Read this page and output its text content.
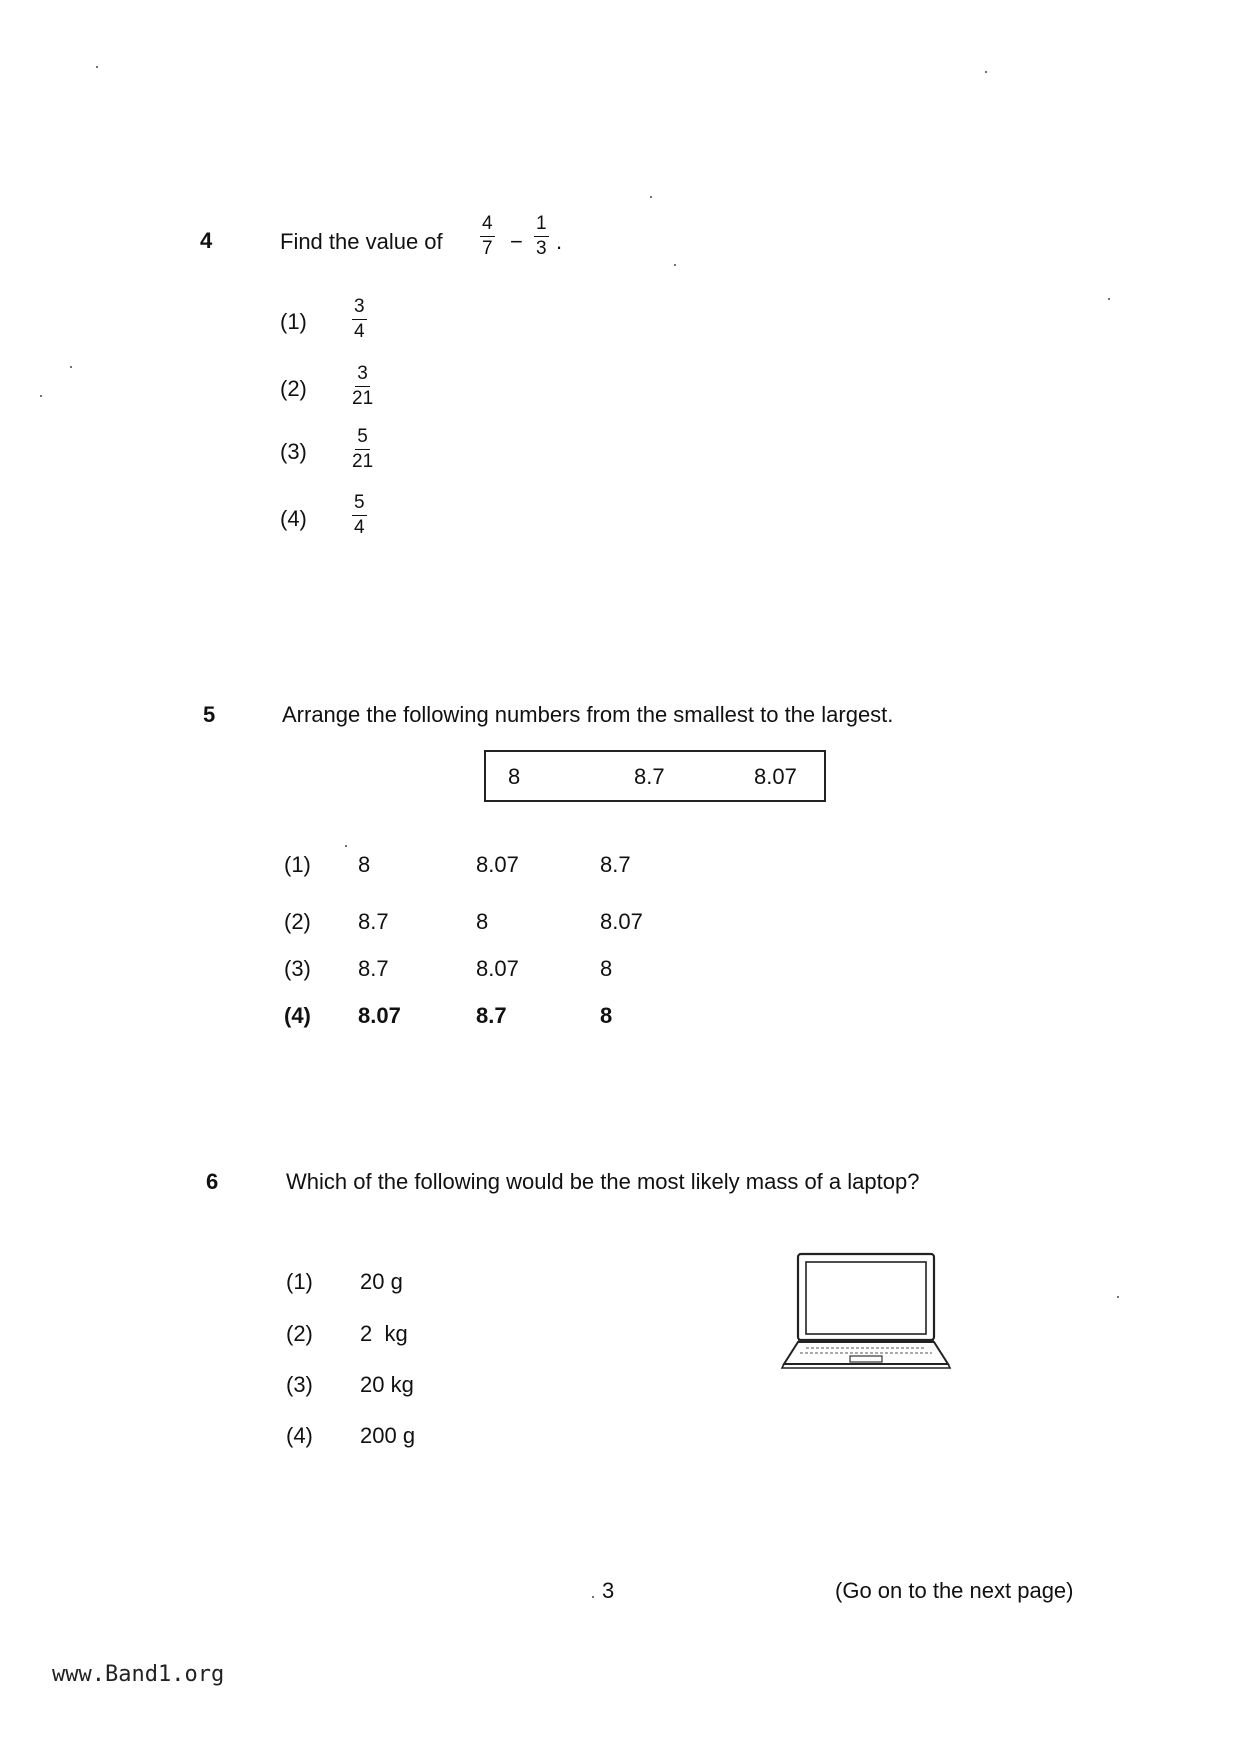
4	Find the value of $\frac{4}{7} - \frac{1}{3}$ .
$(1) \frac{3}{4}$
$(2) \frac{3}{21}$
$(3) \frac{5}{21}$
$(4) \frac{5}{4}$
5	Arrange the following numbers from the smallest to the largest.
8	8.7	8.07
(1) 8	8.07	8.7
(2) 8.7	8	8.07
(3) 8.7	8.07	8
(4) 8.07	8.7	8
6	Which of the following would be the most likely mass of a laptop?
(1) 20 g
(2) 2  kg
(3) 20 kg
(4) 200 g
3	(Go on to the next page)
www.Band1.org
